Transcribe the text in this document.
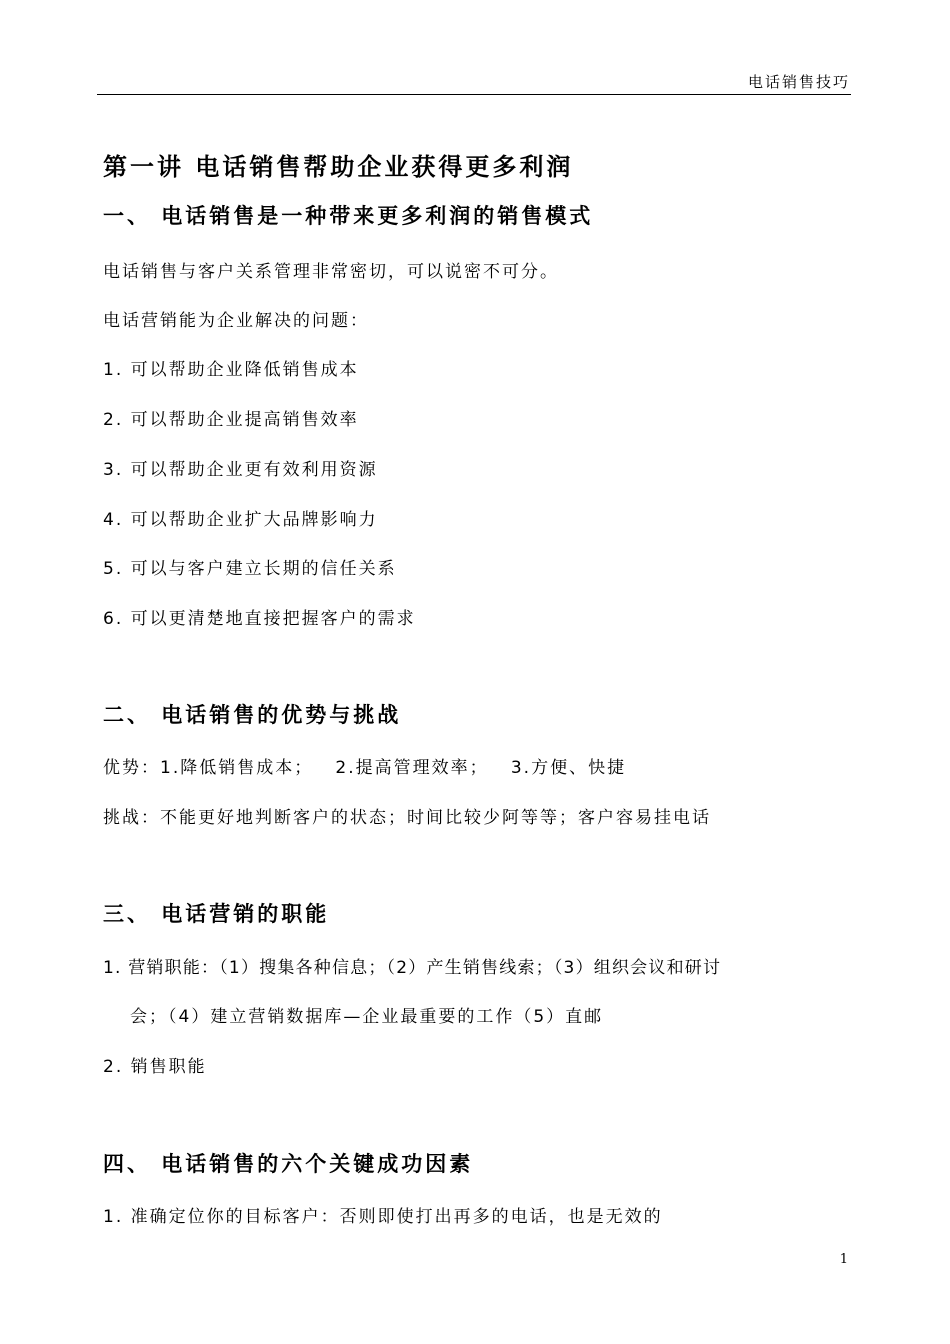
电话销售技巧
第一讲 电话销售帮助企业获得更多利润
一、 电话销售是一种带来更多利润的销售模式
电话销售与客户关系管理非常密切，可以说密不可分。
电话营销能为企业解决的问题：
1. 可以帮助企业降低销售成本
2. 可以帮助企业提高销售效率
3. 可以帮助企业更有效利用资源
4. 可以帮助企业扩大品牌影响力
5. 可以与客户建立长期的信任关系
6. 可以更清楚地直接把握客户的需求
二、 电话销售的优势与挑战
优势：1.降低销售成本；   2.提高管理效率；   3.方便、快捷
挑战：不能更好地判断客户的状态；时间比较少阿等等；客户容易挂电话
三、 电话营销的职能
1. 营销职能：（1）搜集各种信息；（2）产生销售线索；（3）组织会议和研讨
会；（4）建立营销数据库—企业最重要的工作（5）直邮
2. 销售职能
四、 电话销售的六个关键成功因素
1. 准确定位你的目标客户：否则即使打出再多的电话，也是无效的
1
